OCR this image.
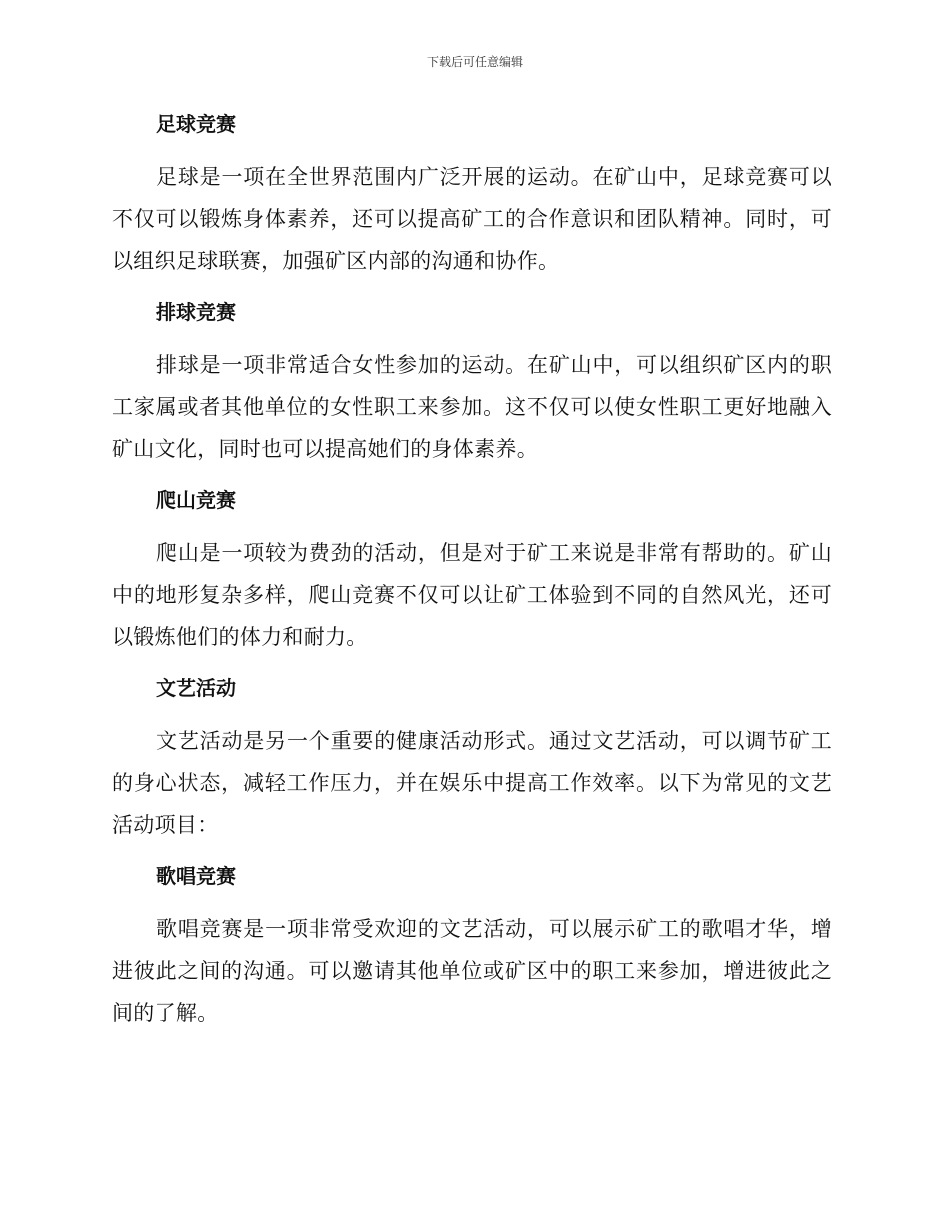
下载后可任意编辑
足球竞赛

足球是一项在全世界范围内广泛开展的运动。在矿山中，足球竞赛可以不仅可以锻炼身体素养，还可以提高矿工的合作意识和团队精神。同时，可以组织足球联赛，加强矿区内部的沟通和协作。

排球竞赛

排球是一项非常适合女性参加的运动。在矿山中，可以组织矿区内的职工家属或者其他单位的女性职工来参加。这不仅可以使女性职工更好地融入矿山文化，同时也可以提高她们的身体素养。

爬山竞赛

爬山是一项较为费劲的活动，但是对于矿工来说是非常有帮助的。矿山中的地形复杂多样，爬山竞赛不仅可以让矿工体验到不同的自然风光，还可以锻炼他们的体力和耐力。

文艺活动

文艺活动是另一个重要的健康活动形式。通过文艺活动，可以调节矿工的身心状态，减轻工作压力，并在娱乐中提高工作效率。以下为常见的文艺活动项目：

歌唱竞赛

歌唱竞赛是一项非常受欢迎的文艺活动，可以展示矿工的歌唱才华，增进彼此之间的沟通。可以邀请其他单位或矿区中的职工来参加，增进彼此之间的了解。
